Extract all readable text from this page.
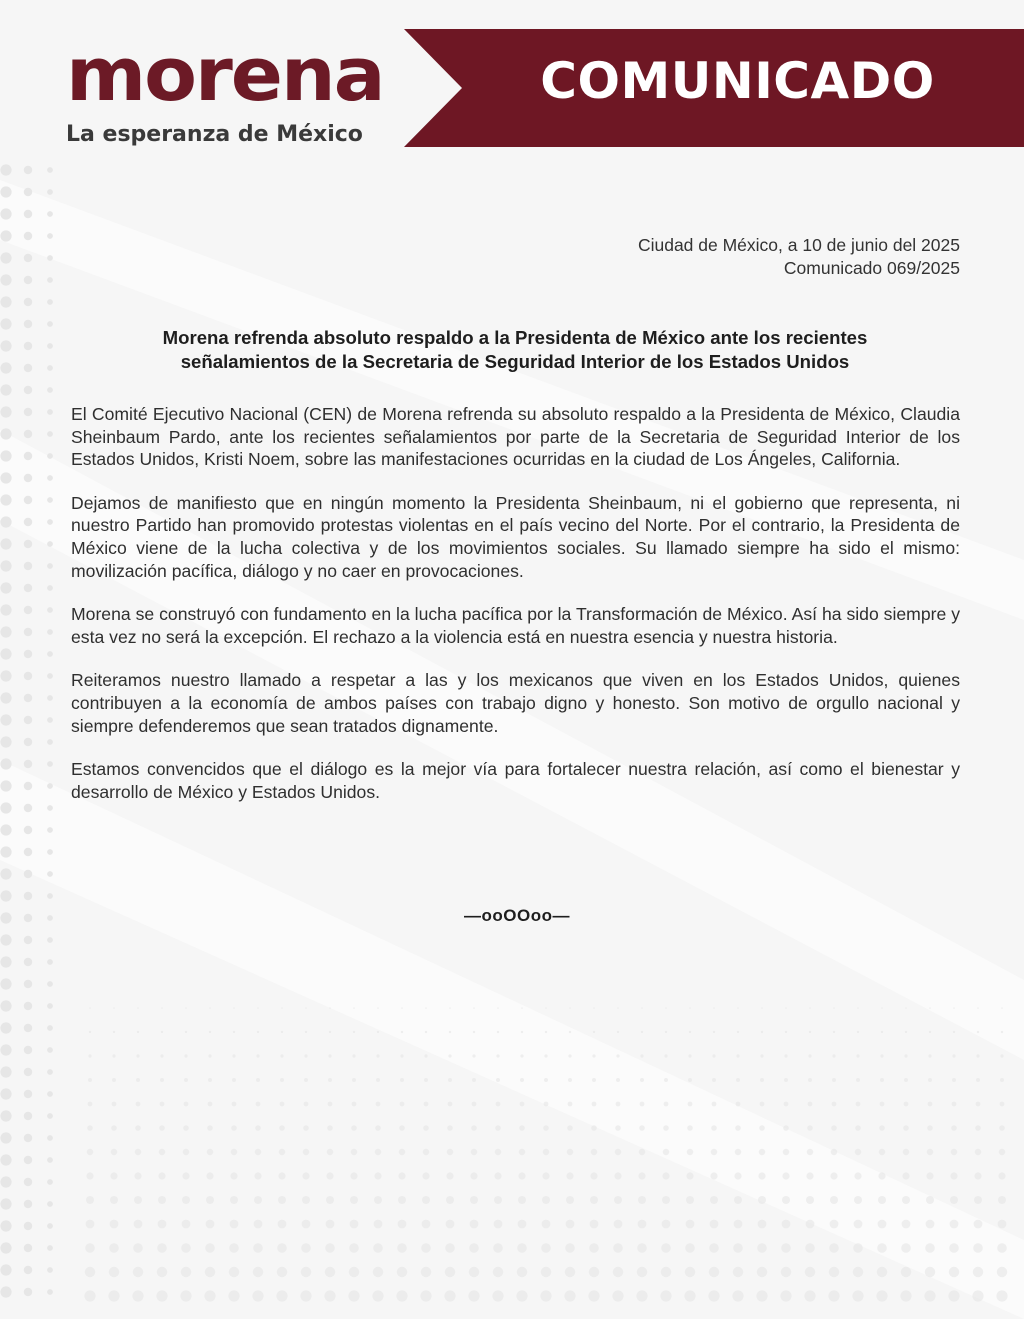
morena
La esperanza de México
COMUNICADO
Ciudad de México, a 10 de junio del 2025
Comunicado 069/2025
Morena refrenda absoluto respaldo a la Presidenta de México ante los recientes
señalamientos de la Secretaria de Seguridad Interior de los Estados Unidos

El Comité Ejecutivo Nacional (CEN) de Morena refrenda su absoluto respaldo a la Presidenta de México, Claudia Sheinbaum Pardo, ante los recientes señalamientos por parte de la Secretaria de Seguridad Interior de los Estados Unidos, Kristi Noem, sobre las manifestaciones ocurridas en la ciudad de Los Ángeles, California.

Dejamos de manifiesto que en ningún momento la Presidenta Sheinbaum, ni el gobierno que representa, ni nuestro Partido han promovido protestas violentas en el país vecino del Norte. Por el contrario, la Presidenta de México viene de la lucha colectiva y de los movimientos sociales. Su llamado siempre ha sido el mismo: movilización pacífica, diálogo y no caer en provocaciones.

Morena se construyó con fundamento en la lucha pacífica por la Transformación de México. Así ha sido siempre y esta vez no será la excepción. El rechazo a la violencia está en nuestra esencia y nuestra historia.

Reiteramos nuestro llamado a respetar a las y los mexicanos que viven en los Estados Unidos, quienes contribuyen a la economía de ambos países con trabajo digno y honesto. Son motivo de orgullo nacional y siempre defenderemos que sean tratados dignamente.

Estamos convencidos que el diálogo es la mejor vía para fortalecer nuestra relación, así como el bienestar y desarrollo de México y Estados Unidos.

—ooOOoo—
